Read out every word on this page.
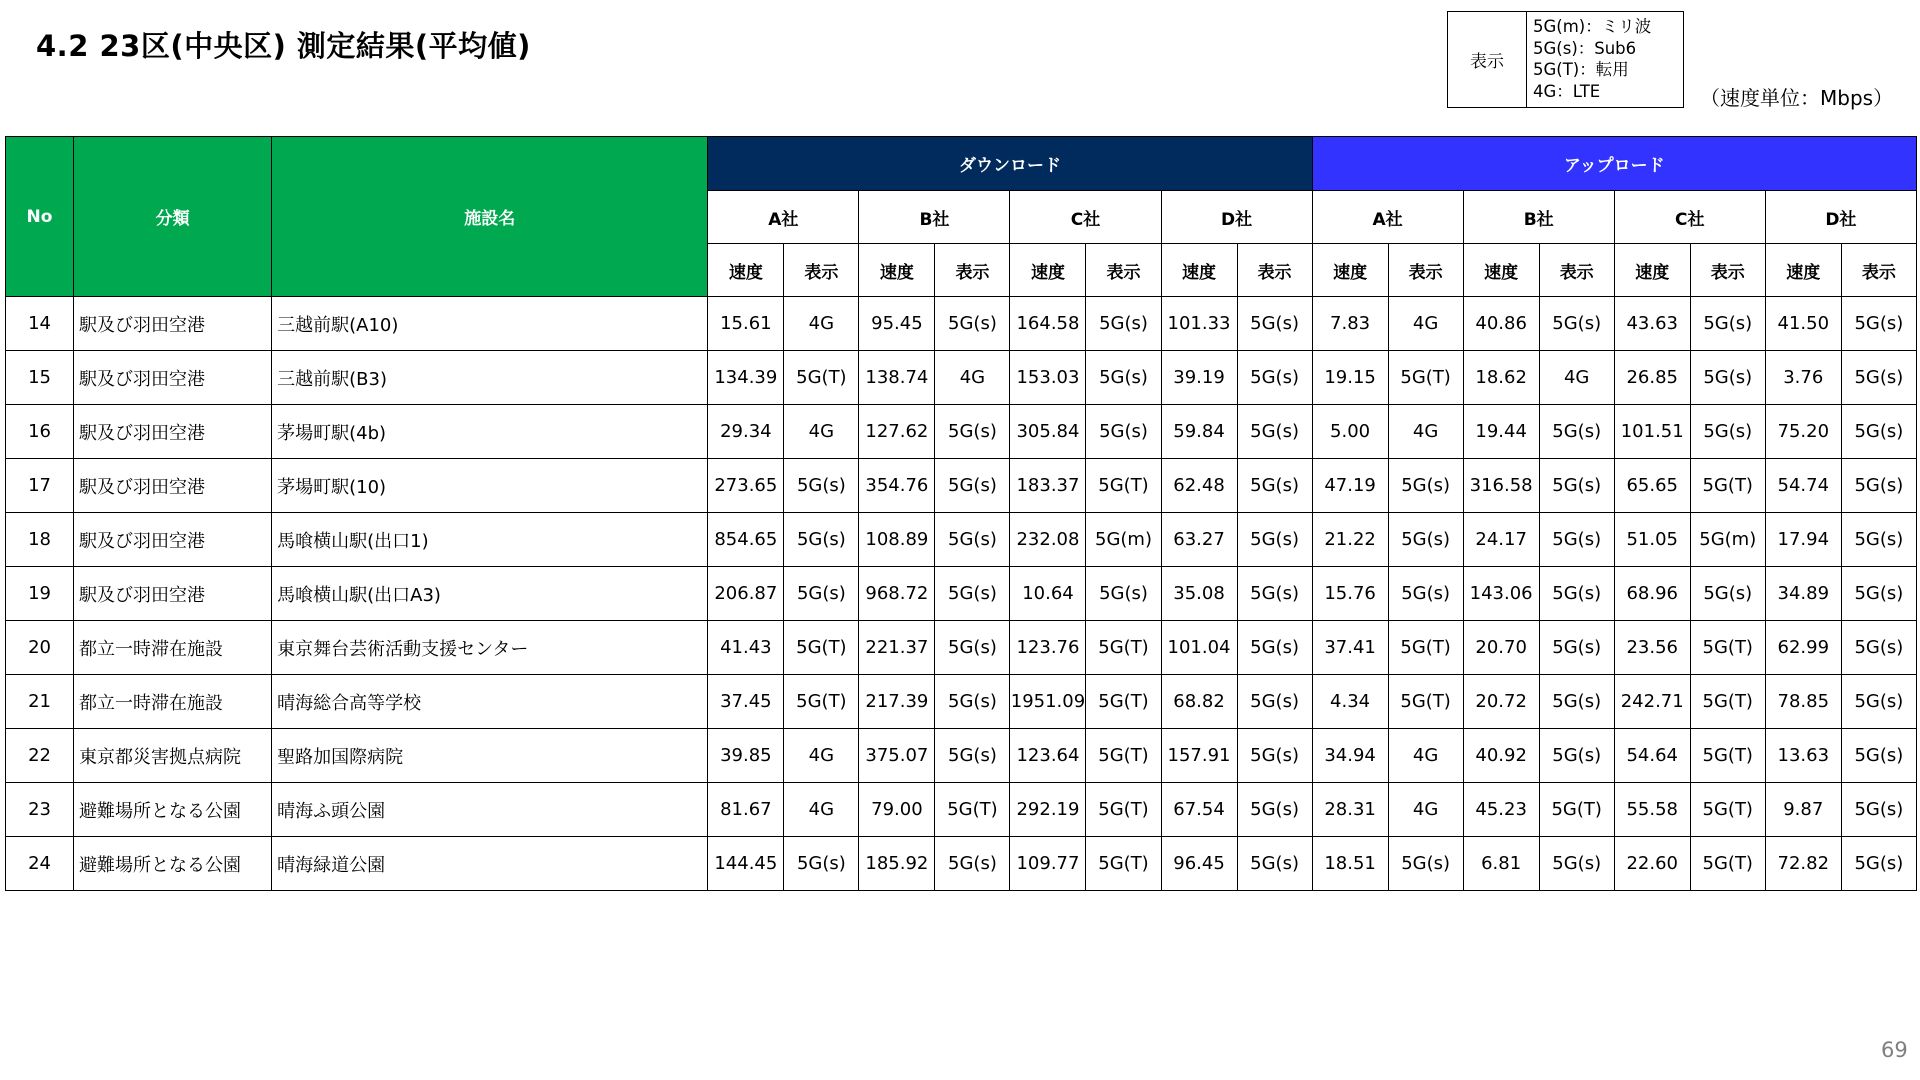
4.2 23区(中央区) 測定結果(平均値)	表示
5G(m)：ミリ波
5G(s)：Sub6
5G(T)：転用
4G：LTE	（速度単位：Mbps）
No	分類	施設名	ダウンロード								アップロード							
			A社		B社		C社		D社		A社		B社		C社		D社	
			速度	表示	速度	表示	速度	表示	速度	表示	速度	表示	速度	表示	速度	表示	速度	表示
14	駅及び羽田空港	三越前駅(A10)	15.61	4G	95.45	5G(s)	164.58	5G(s)	101.33	5G(s)	7.83	4G	40.86	5G(s)	43.63	5G(s)	41.50	5G(s)
15	駅及び羽田空港	三越前駅(B3)	134.39	5G(T)	138.74	4G	153.03	5G(s)	39.19	5G(s)	19.15	5G(T)	18.62	4G	26.85	5G(s)	3.76	5G(s)
16	駅及び羽田空港	茅場町駅(4b)	29.34	4G	127.62	5G(s)	305.84	5G(s)	59.84	5G(s)	5.00	4G	19.44	5G(s)	101.51	5G(s)	75.20	5G(s)
17	駅及び羽田空港	茅場町駅(10)	273.65	5G(s)	354.76	5G(s)	183.37	5G(T)	62.48	5G(s)	47.19	5G(s)	316.58	5G(s)	65.65	5G(T)	54.74	5G(s)
18	駅及び羽田空港	馬喰横山駅(出口1)	854.65	5G(s)	108.89	5G(s)	232.08	5G(m)	63.27	5G(s)	21.22	5G(s)	24.17	5G(s)	51.05	5G(m)	17.94	5G(s)
19	駅及び羽田空港	馬喰横山駅(出口A3)	206.87	5G(s)	968.72	5G(s)	10.64	5G(s)	35.08	5G(s)	15.76	5G(s)	143.06	5G(s)	68.96	5G(s)	34.89	5G(s)
20	都立一時滞在施設	東京舞台芸術活動支援センター	41.43	5G(T)	221.37	5G(s)	123.76	5G(T)	101.04	5G(s)	37.41	5G(T)	20.70	5G(s)	23.56	5G(T)	62.99	5G(s)
21	都立一時滞在施設	晴海総合高等学校	37.45	5G(T)	217.39	5G(s)	1951.09	5G(T)	68.82	5G(s)	4.34	5G(T)	20.72	5G(s)	242.71	5G(T)	78.85	5G(s)
22	東京都災害拠点病院	聖路加国際病院	39.85	4G	375.07	5G(s)	123.64	5G(T)	157.91	5G(s)	34.94	4G	40.92	5G(s)	54.64	5G(T)	13.63	5G(s)
23	避難場所となる公園	晴海ふ頭公園	81.67	4G	79.00	5G(T)	292.19	5G(T)	67.54	5G(s)	28.31	4G	45.23	5G(T)	55.58	5G(T)	9.87	5G(s)
24	避難場所となる公園	晴海緑道公園	144.45	5G(s)	185.92	5G(s)	109.77	5G(T)	96.45	5G(s)	18.51	5G(s)	6.81	5G(s)	22.60	5G(T)	72.82	5G(s)
69
